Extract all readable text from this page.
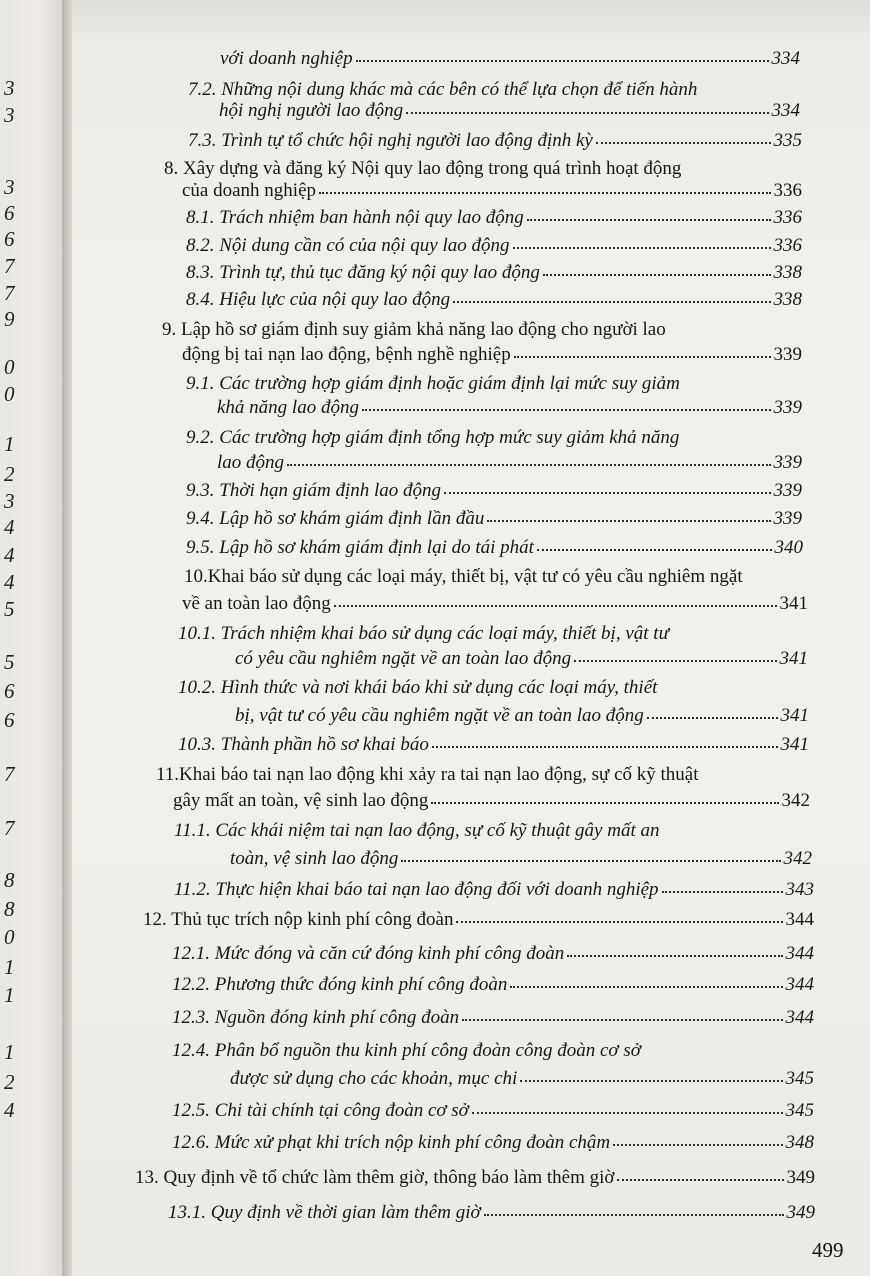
3
3
3
6
6
7
7
9
0
0
1
2
3
4
4
4
5
5
6
6
7
7
8
8
0
1
1
1
2
4
với doanh nghiệp	334
7.2. Những nội dung khác mà các bên có thể lựa chọn để tiến hành
hội nghị người lao động	334
7.3. Trình tự tổ chức hội nghị người lao động định kỳ	335
8. Xây dựng và đăng ký Nội quy lao động trong quá trình hoạt động
của doanh nghiệp	336
8.1. Trách nhiệm ban hành nội quy lao động	336
8.2. Nội dung cần có của nội quy lao động	336
8.3. Trình tự, thủ tục đăng ký nội quy lao động	338
8.4. Hiệu lực của nội quy lao động	338
9. Lập hồ sơ giám định suy giảm khả năng lao động cho người lao
động bị tai nạn lao động, bệnh nghề nghiệp	339
9.1. Các trường hợp giám định hoặc giám định lại mức suy giảm
khả năng lao động	339
9.2. Các trường hợp giám định tổng hợp mức suy giảm khả năng
lao động	339
9.3. Thời hạn giám định lao động	339
9.4. Lập hồ sơ khám giám định lần đầu	339
9.5. Lập hồ sơ khám giám định lại do tái phát	340
10.Khai báo sử dụng các loại máy, thiết bị, vật tư có yêu cầu nghiêm ngặt
về an toàn lao động	341
10.1. Trách nhiệm khai báo sử dụng các loại máy, thiết bị, vật tư
có yêu cầu nghiêm ngặt về an toàn lao động	341
10.2. Hình thức và nơi khái báo khi sử dụng các loại máy, thiết
bị, vật tư có yêu cầu nghiêm ngặt về an toàn lao động	341
10.3. Thành phần hồ sơ khai báo	341
11.Khai báo tai nạn lao động khi xảy ra tai nạn lao động, sự cố kỹ thuật
gây mất an toàn, vệ sinh lao động	342
11.1. Các khái niệm tai nạn lao động, sự cố kỹ thuật gây mất an
toàn, vệ sinh lao động	342
11.2. Thực hiện khai báo tai nạn lao động đối với doanh nghiệp	343
12. Thủ tục trích nộp kinh phí công đoàn	344
12.1. Mức đóng và căn cứ đóng kinh phí công đoàn	344
12.2. Phương thức đóng kinh phí công đoàn	344
12.3. Nguồn đóng kinh phí công đoàn	344
12.4. Phân bổ nguồn thu kinh phí công đoàn công đoàn cơ sở
được sử dụng cho các khoản, mục chi	345
12.5. Chi tài chính tại công đoàn cơ sở	345
12.6. Mức xử phạt khi trích nộp kinh phí công đoàn chậm	348
13. Quy định về tổ chức làm thêm giờ, thông báo làm thêm giờ	349
13.1. Quy định về thời gian làm thêm giờ	349
499
